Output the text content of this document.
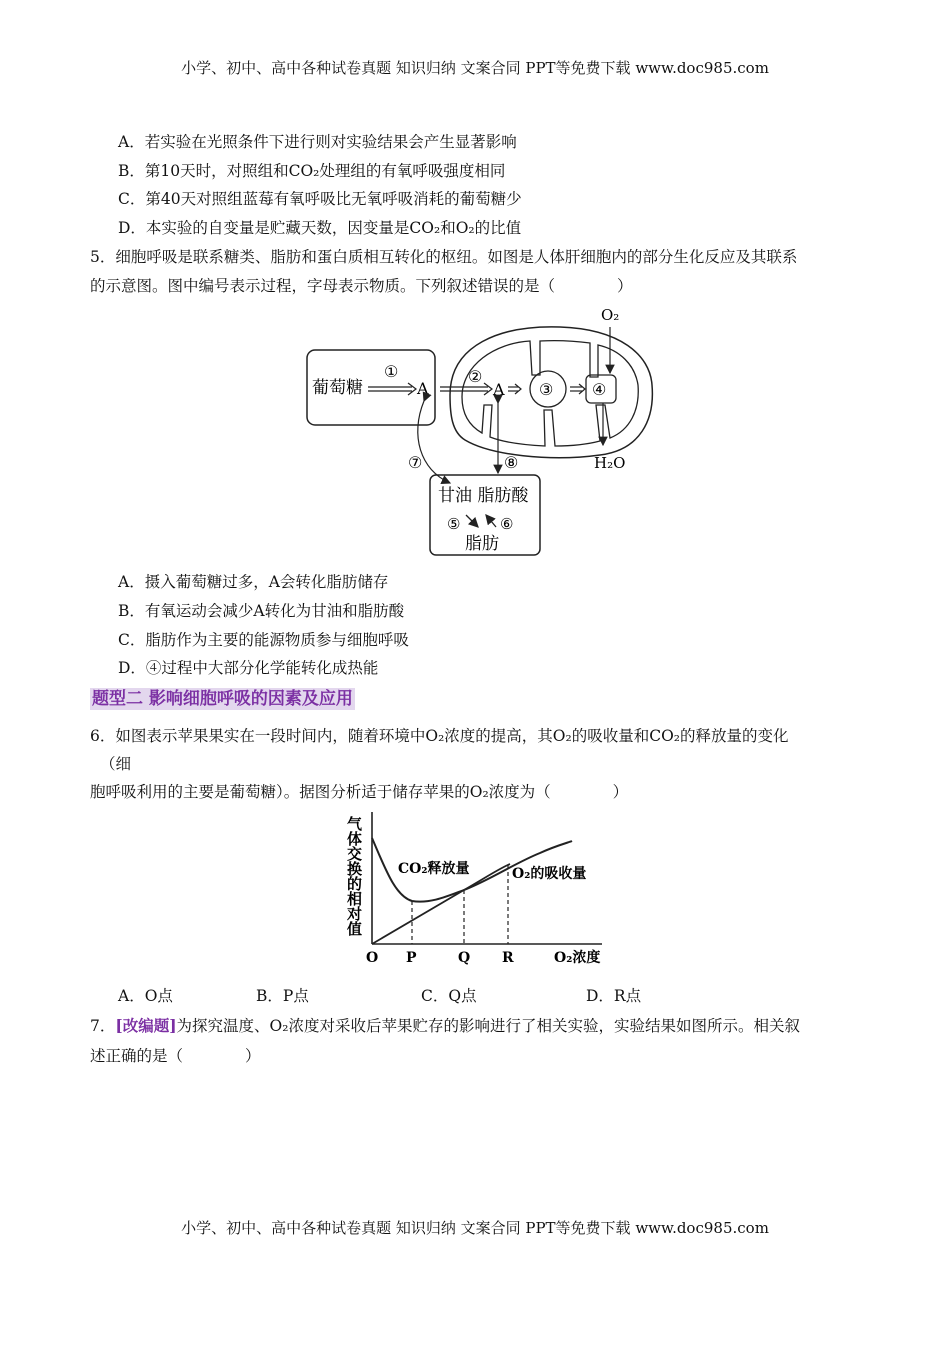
小学、初中、高中各种试卷真题 知识归纳 文案合同 PPT等免费下载 www.doc985.com
A．若实验在光照条件下进行则对实验结果会产生显著影响
B．第10天时，对照组和CO₂处理组的有氧呼吸强度相同
C．第40天对照组蓝莓有氧呼吸比无氧呼吸消耗的葡萄糖少
D．本实验的自变量是贮藏天数，因变量是CO₂和O₂的比值
5．细胞呼吸是联系糖类、脂肪和蛋白质相互转化的枢纽。如图是人体肝细胞内的部分生化反应及其联系
的示意图。图中编号表示过程，字母表示物质。下列叙述错误的是（　　　　）
葡萄糖
①
A
②
A ③ ④
O₂
H₂O
甘油 脂肪酸
⑤	⑥
脂肪
⑦	⑧
A．摄入葡萄糖过多，A会转化脂肪储存
B．有氧运动会减少A转化为甘油和脂肪酸
C．脂肪作为主要的能源物质参与细胞呼吸
D．④过程中大部分化学能转化成热能
题型二 影响细胞呼吸的因素及应用
6．如图表示苹果果实在一段时间内，随着环境中O₂浓度的提高，其O₂的吸收量和CO₂的释放量的变化
（细
胞呼吸利用的主要是葡萄糖）。据图分析适于储存苹果的O₂浓度为（　　　　）
气体交换的相对值	CO₂释放量	O₂的吸收量
O P	Q R	O₂浓度
A．O点	B．P点	C．Q点	D．R点
7．[改编题]为探究温度、O₂浓度对采收后苹果贮存的影响进行了相关实验，实验结果如图所示。相关叙
述正确的是（　　　　）
小学、初中、高中各种试卷真题 知识归纳 文案合同 PPT等免费下载 www.doc985.com
